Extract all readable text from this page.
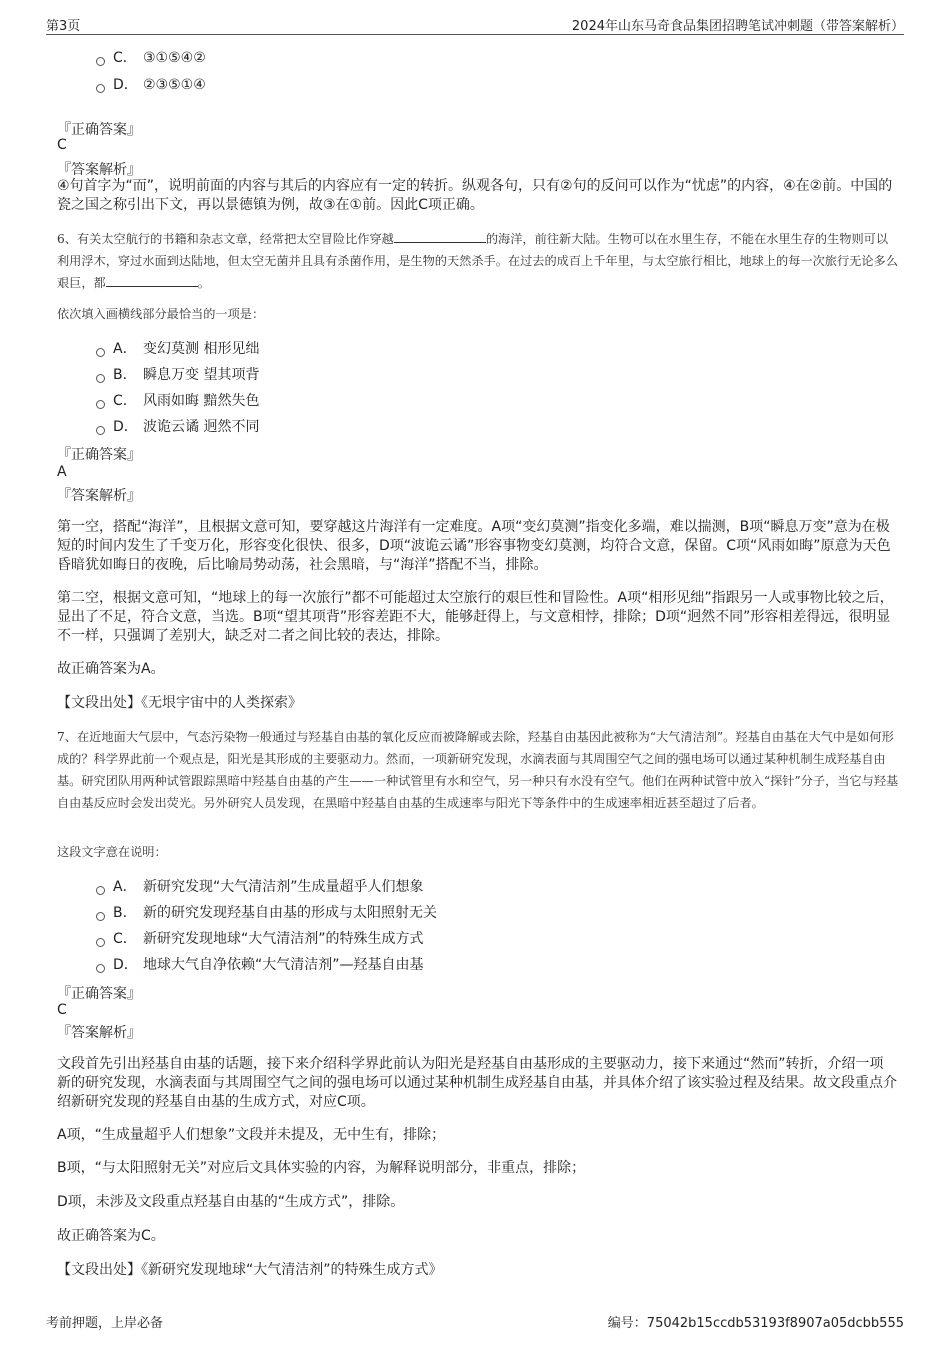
第3页	2024年山东马奇食品集团招聘笔试冲刺题（带答案解析）
C． ③①⑤④②
D． ②③⑤①④
『正确答案』
C
『答案解析』
④句首字为“而”，说明前面的内容与其后的内容应有一定的转折。纵观各句，只有②句的反问可以作为“忧虑”的内容，④在②前。中国的瓷之国之称引出下文，再以景德镇为例，故③在①前。因此C项正确。
6、有关太空航行的书籍和杂志文章，经常把太空冒险比作穿越	的海洋，前往新大陆。生物可以在水里生存，不能在水里生存的生物则可以利用浮木，穿过水面到达陆地，但太空无菌并且具有杀菌作用，是生物的天然杀手。在过去的成百上千年里，与太空旅行相比，地球上的每一次旅行无论多么艰巨，都	。
依次填入画横线部分最恰当的一项是：
A． 变幻莫测 相形见绌
B． 瞬息万变 望其项背
C． 风雨如晦 黯然失色
D． 波诡云谲 迥然不同
『正确答案』
A
『答案解析』
第一空，搭配“海洋”，且根据文意可知，要穿越这片海洋有一定难度。A项“变幻莫测”指变化多端，难以揣测，B项“瞬息万变”意为在极短的时间内发生了千变万化，形容变化很快、很多，D项“波诡云谲”形容事物变幻莫测，均符合文意，保留。C项“风雨如晦”原意为天色昏暗犹如晦日的夜晚，后比喻局势动荡，社会黑暗，与“海洋”搭配不当，排除。
第二空，根据文意可知，“地球上的每一次旅行”都不可能超过太空旅行的艰巨性和冒险性。A项“相形见绌”指跟另一人或事物比较之后，显出了不足，符合文意，当选。B项“望其项背”形容差距不大，能够赶得上，与文意相悖，排除；D项“迥然不同”形容相差得远，很明显不一样，只强调了差别大，缺乏对二者之间比较的表达，排除。
故正确答案为A。
【文段出处】《无垠宇宙中的人类探索》
7、在近地面大气层中，气态污染物一般通过与羟基自由基的氧化反应而被降解或去除，羟基自由基因此被称为“大气清洁剂”。羟基自由基在大气中是如何形成的？科学界此前一个观点是，阳光是其形成的主要驱动力。然而，一项新研究发现，水滴表面与其周围空气之间的强电场可以通过某种机制生成羟基自由基。研究团队用两种试管跟踪黑暗中羟基自由基的产生——一种试管里有水和空气，另一种只有水没有空气。他们在两种试管中放入“探针”分子，当它与羟基自由基反应时会发出荧光。另外研究人员发现，在黑暗中羟基自由基的生成速率与阳光下等条件中的生成速率相近甚至超过了后者。
这段文字意在说明：
A． 新研究发现“大气清洁剂”生成量超乎人们想象
B． 新的研究发现羟基自由基的形成与太阳照射无关
C． 新研究发现地球“大气清洁剂”的特殊生成方式
D． 地球大气自净依赖“大气清洁剂”—羟基自由基
『正确答案』
C
『答案解析』
文段首先引出羟基自由基的话题，接下来介绍科学界此前认为阳光是羟基自由基形成的主要驱动力，接下来通过“然而”转折，介绍一项新的研究发现，水滴表面与其周围空气之间的强电场可以通过某种机制生成羟基自由基，并具体介绍了该实验过程及结果。故文段重点介绍新研究发现的羟基自由基的生成方式，对应C项。
A项，“生成量超乎人们想象”文段并未提及，无中生有，排除；
B项，“与太阳照射无关”对应后文具体实验的内容，为解释说明部分，非重点，排除；
D项，未涉及文段重点羟基自由基的“生成方式”，排除。
故正确答案为C。
【文段出处】《新研究发现地球“大气清洁剂”的特殊生成方式》
考前押题，上岸必备	编号：75042b15ccdb53193f8907a05dcbb555
